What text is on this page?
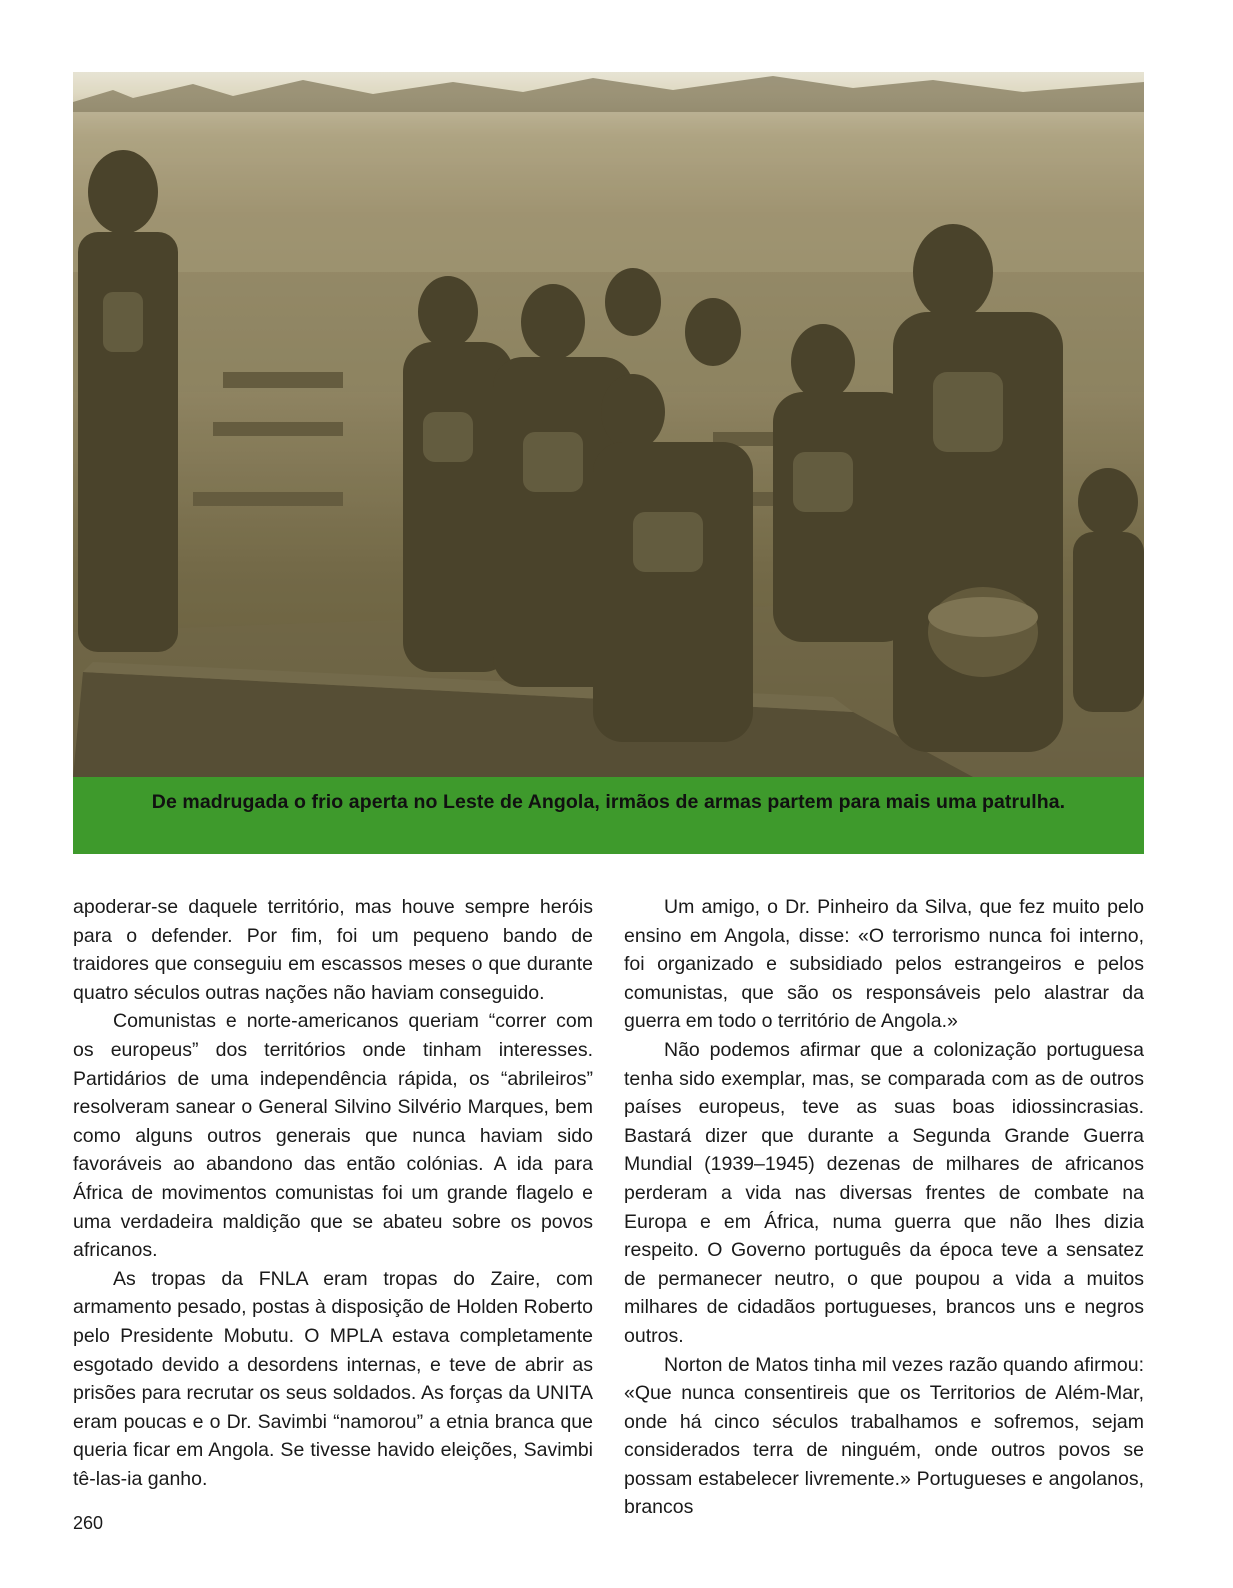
De madrugada o frio aperta no Leste de Angola, irmãos de armas partem para mais uma patrulha.

apoderar-se daquele território, mas houve sempre heróis para o defender. Por fim, foi um pequeno bando de traidores que conseguiu em escassos meses o que durante quatro séculos outras nações não haviam conseguido.

Comunistas e norte-americanos queriam “correr com os europeus” dos territórios onde tinham interesses. Partidários de uma independência rápida, os “abrileiros” resolveram sanear o General Silvino Silvério Marques, bem como alguns outros generais que nunca haviam sido favoráveis ao abandono das então colónias. A ida para África de movimentos comunistas foi um grande flagelo e uma verdadeira maldição que se abateu sobre os povos africanos.

As tropas da FNLA eram tropas do Zaire, com armamento pesado, postas à disposição de Holden Roberto pelo Presidente Mobutu. O MPLA estava completamente esgotado devido a desordens internas, e teve de abrir as prisões para recrutar os seus soldados. As forças da UNITA eram poucas e o Dr. Savimbi “namorou” a etnia branca que queria ficar em Angola. Se tivesse havido eleições, Savimbi tê-las-ia ganho.

Um amigo, o Dr. Pinheiro da Silva, que fez muito pelo ensino em Angola, disse: «O terrorismo nunca foi interno, foi organizado e subsidiado pelos estrangeiros e pelos comunistas, que são os responsáveis pelo alastrar da guerra em todo o território de Angola.»

Não podemos afirmar que a colonização portuguesa tenha sido exemplar, mas, se comparada com as de outros países europeus, teve as suas boas idiossincrasias. Bastará dizer que durante a Segunda Grande Guerra Mundial (1939–1945) dezenas de milhares de africanos perderam a vida nas diversas frentes de combate na Europa e em África, numa guerra que não lhes dizia respeito. O Governo português da época teve a sensatez de permanecer neutro, o que poupou a vida a muitos milhares de cidadãos portugueses, brancos uns e negros outros.

Norton de Matos tinha mil vezes razão quando afirmou: «Que nunca consentireis que os Territorios de Além-Mar, onde há cinco séculos trabalhamos e sofremos, sejam considerados terra de ninguém, onde outros povos se possam estabelecer livremente.» Portugueses e angolanos, brancos

260
